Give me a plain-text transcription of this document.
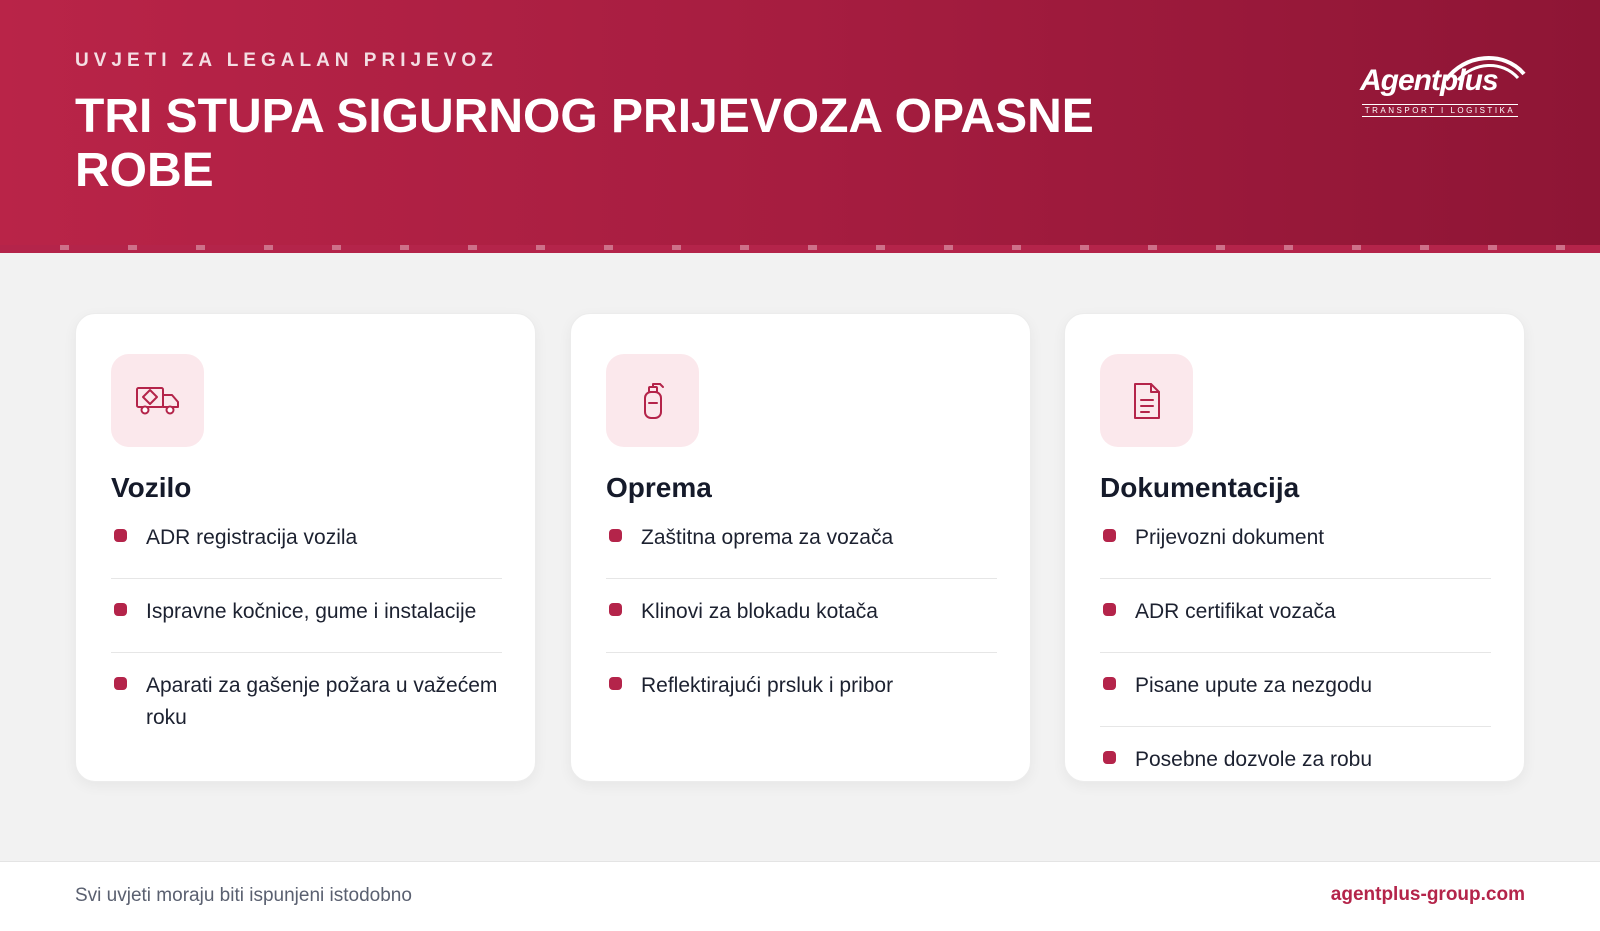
UVJETI ZA LEGALAN PRIJEVOZ
TRI STUPA SIGURNOG PRIJEVOZA OPASNE ROBE
Agentplus
TRANSPORT I LOGISTIKA
Vozilo
ADR registracija vozila
Ispravne kočnice, gume i instalacije
Aparati za gašenje požara u važećem roku
Oprema
Zaštitna oprema za vozača
Klinovi za blokadu kotača
Reflektirajući prsluk i pribor
Dokumentacija
Prijevozni dokument
ADR certifikat vozača
Pisane upute za nezgodu
Posebne dozvole za robu
Svi uvjeti moraju biti ispunjeni istodobno	agentplus-group.com
